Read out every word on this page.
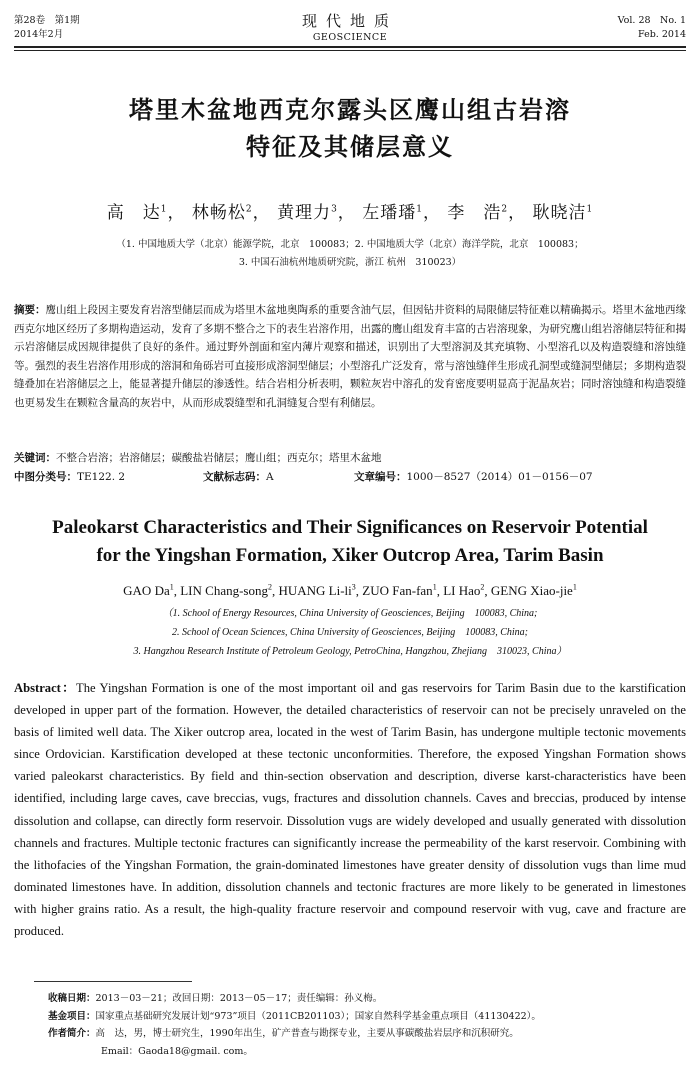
第28卷　第1期
2014年2月
现代地质
GEOSCIENCE
Vol. 28　No. 1
Feb. 2014
塔里木盆地西克尔露头区鹰山组古岩溶
特征及其储层意义
高　达$^1$， 林畅松$^2$， 黄理力$^3$， 左璠璠$^1$， 李　浩$^2$， 耿晓洁$^1$
（1. 中国地质大学（北京）能源学院，北京　100083；2. 中国地质大学（北京）海洋学院，北京　100083；
3. 中国石油杭州地质研究院，浙江 杭州　310023）
摘要：鹰山组上段因主要发育岩溶型储层而成为塔里木盆地奥陶系的重要含油气层，但因钻井资料的局限储层特征难以精确揭示。塔里木盆地西缘西克尔地区经历了多期构造运动，发育了多期不整合之下的表生岩溶作用，出露的鹰山组发育丰富的古岩溶现象，为研究鹰山组岩溶储层特征和揭示岩溶储层成因规律提供了良好的条件。通过野外剖面和室内薄片观察和描述，识别出了大型溶洞及其充填物、小型溶孔以及构造裂缝和溶蚀缝等。强烈的表生岩溶作用形成的溶洞和角砾岩可直接形成溶洞型储层；小型溶孔广泛发育，常与溶蚀缝伴生形成孔洞型或缝洞型储层；多期构造裂缝叠加在岩溶储层之上，能显著提升储层的渗透性。结合岩相分析表明，颗粒灰岩中溶孔的发育密度要明显高于泥晶灰岩；同时溶蚀缝和构造裂缝也更易发生在颗粒含量高的灰岩中，从而形成裂缝型和孔洞缝复合型有利储层。
关键词：不整合岩溶；岩溶储层；碳酸盐岩储层；鹰山组；西克尔；塔里木盆地
中图分类号：TE122. 2	文献标志码：A	文章编号：1000－8527（2014）01－0156－07
Paleokarst Characteristics and Their Significances on Reservoir Potential
for the Yingshan Formation, Xiker Outcrop Area, Tarim Basin
GAO Da$^1$, LIN Chang-song$^2$, HUANG $Li-li^3$, ZUO Fan-fan$^1$, LI Hao$^2$, GENG Xiao-jie$^1$
（1. School of Energy Resources, China University of Geosciences, Beijing　100083, China;
2. School of Ocean Sciences, China University of Geosciences, Beijing　100083, China;
3. Hangzhou Research Institute of Petroleum Geology, PetroChina, Hangzhou, Zhejiang　310023, China）
Abstract：The Yingshan Formation is one of the most important oil and gas reservoirs for Tarim Basin due to the karstification developed in upper part of the formation. However, the detailed characteristics of reservoir can not be precisely unraveled on the basis of limited well data. The Xiker outcrop area, located in the west of Tarim Basin, has undergone multiple tectonic movements since Ordovician. Karstification developed at these tectonic unconformities. Therefore, the exposed Yingshan Formation shows varied paleokarst characteristics. By field and thin-section observation and description, diverse karst-characteristics have been identified, including large caves, cave breccias, vugs, fractures and dissolution channels. Caves and breccias, produced by intense dissolution and collapse, can directly form reservoir. Dissolution vugs are widely developed and usually generated with dissolution channels and fractures. Multiple tectonic fractures can significantly increase the permeability of the karst reservoir. Combining with the lithofacies of the Yingshan Formation, the grain-dominated limestones have greater density of dissolution vugs than lime mud dominated limestones have. In addition, dissolution channels and tectonic fractures are more likely to be generated in limestones with higher grains ratio. As a result, the high-quality fracture reservoir and compound reservoir with vug, cave and fracture are produced.
收稿日期：2013－03－21；改回日期：2013－05－17；责任编辑：孙义梅。
基金项目：国家重点基础研究发展计划“973”项目（2011CB201103）；国家自然科学基金重点项目（41130422）。
作者简介：高　达，男，博士研究生，1990年出生，矿产普查与勘探专业，主要从事碳酸盐岩层序和沉积研究。
Email：Gaoda18@gmail. com。
